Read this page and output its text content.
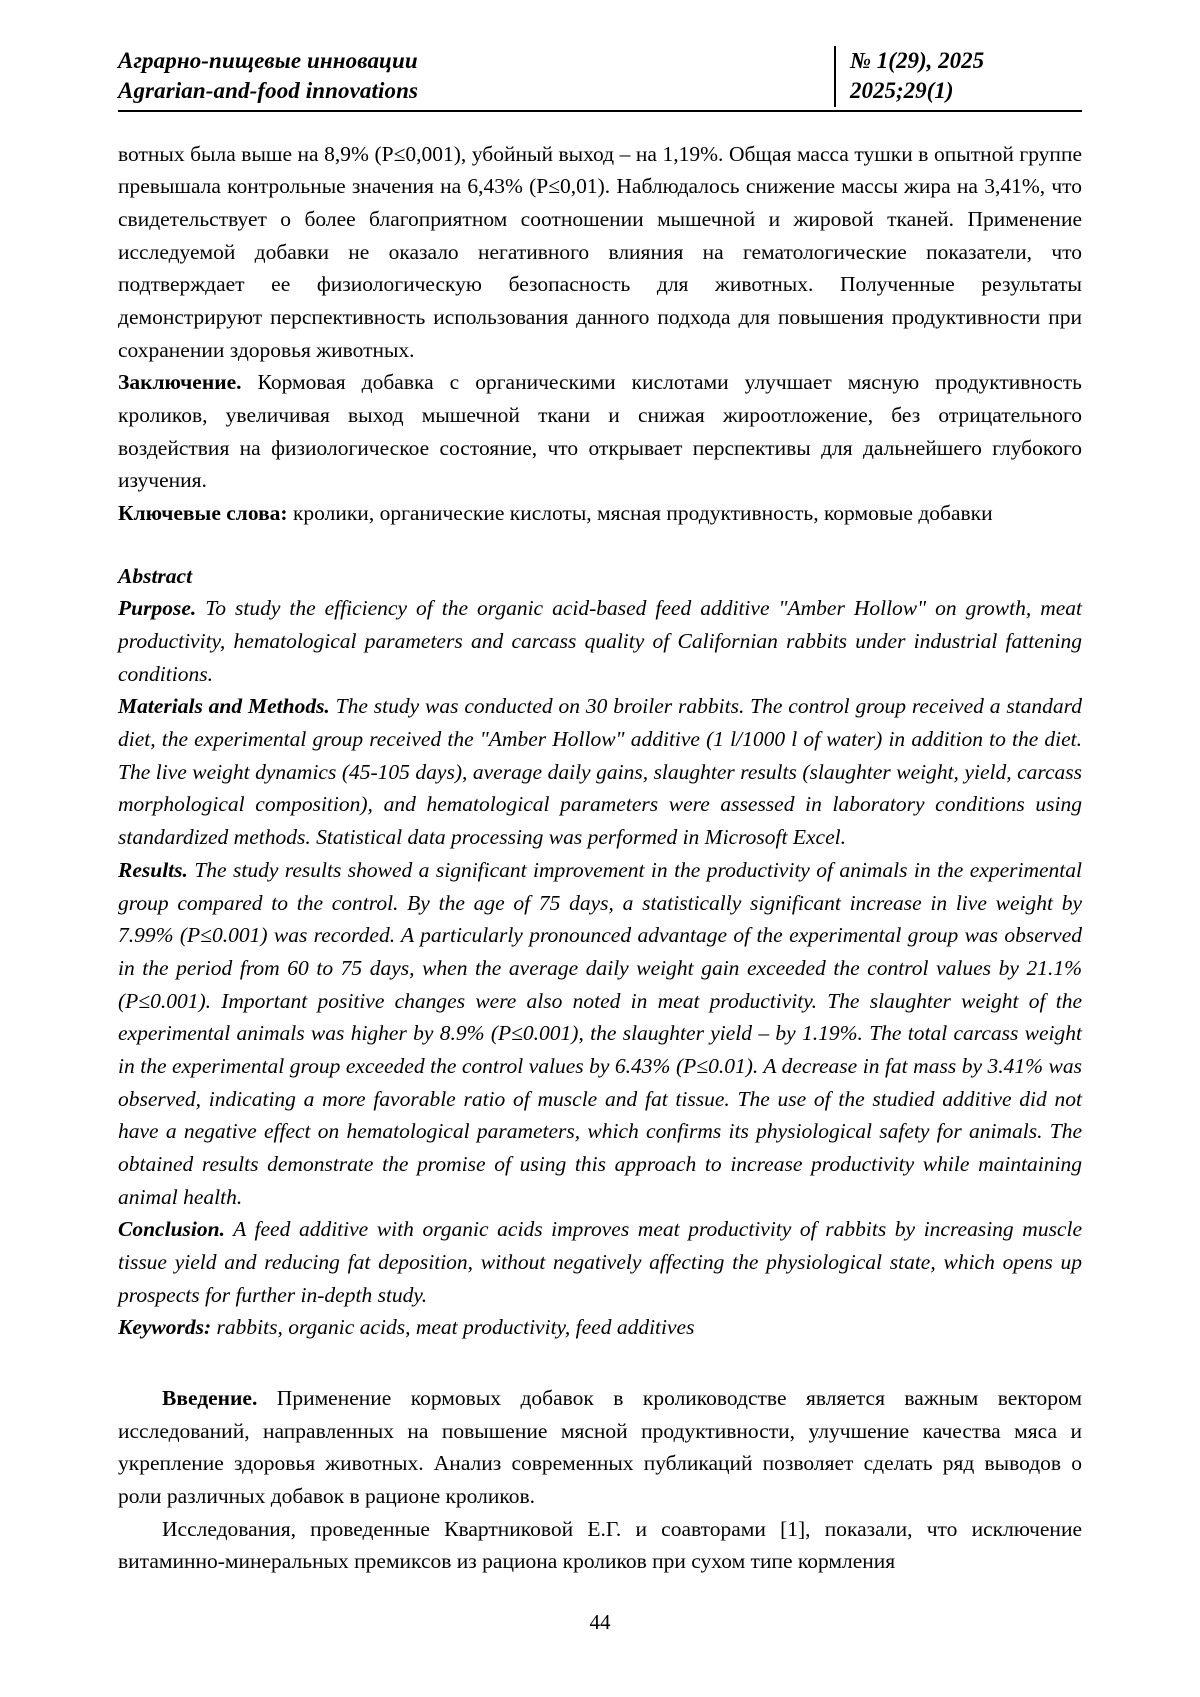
Аграрно-пищевые инновации
Agrarian-and-food innovations
№ 1(29), 2025
2025;29(1)

вотных была выше на 8,9% (P≤0,001), убойный выход – на 1,19%. Общая масса тушки в опытной группе превышала контрольные значения на 6,43% (P≤0,01). Наблюдалось снижение массы жира на 3,41%, что свидетельствует о более благоприятном соотношении мышечной и жировой тканей. Применение исследуемой добавки не оказало негативного влияния на гематологические показатели, что подтверждает ее физиологическую безопасность для животных. Полученные результаты демонстрируют перспективность использования данного подхода для повышения продуктивности при сохранении здоровья животных.

Заключение. Кормовая добавка с органическими кислотами улучшает мясную продуктивность кроликов, увеличивая выход мышечной ткани и снижая жироотложение, без отрицательного воздействия на физиологическое состояние, что открывает перспективы для дальнейшего глубокого изучения.

Ключевые слова: кролики, органические кислоты, мясная продуктивность, кормовые добавки

Abstract

Purpose. To study the efficiency of the organic acid-based feed additive "Amber Hollow" on growth, meat productivity, hematological parameters and carcass quality of Californian rabbits under industrial fattening conditions.

Materials and Methods. The study was conducted on 30 broiler rabbits. The control group received a standard diet, the experimental group received the "Amber Hollow" additive (1 l/1000 l of water) in addition to the diet. The live weight dynamics (45-105 days), average daily gains, slaughter results (slaughter weight, yield, carcass morphological composition), and hematological parameters were assessed in laboratory conditions using standardized methods. Statistical data processing was performed in Microsoft Excel.

Results. The study results showed a significant improvement in the productivity of animals in the experimental group compared to the control. By the age of 75 days, a statistically significant increase in live weight by 7.99% (P≤0.001) was recorded. A particularly pronounced advantage of the experimental group was observed in the period from 60 to 75 days, when the average daily weight gain exceeded the control values by 21.1% (P≤0.001). Important positive changes were also noted in meat productivity. The slaughter weight of the experimental animals was higher by 8.9% (P≤0.001), the slaughter yield – by 1.19%. The total carcass weight in the experimental group exceeded the control values by 6.43% (P≤0.01). A decrease in fat mass by 3.41% was observed, indicating a more favorable ratio of muscle and fat tissue. The use of the studied additive did not have a negative effect on hematological parameters, which confirms its physiological safety for animals. The obtained results demonstrate the promise of using this approach to increase productivity while maintaining animal health.

Conclusion. A feed additive with organic acids improves meat productivity of rabbits by increasing muscle tissue yield and reducing fat deposition, without negatively affecting the physiological state, which opens up prospects for further in-depth study.

Keywords: rabbits, organic acids, meat productivity, feed additives

Введение. Применение кормовых добавок в кролиководстве является важным вектором исследований, направленных на повышение мясной продуктивности, улучшение качества мяса и укрепление здоровья животных. Анализ современных публикаций позволяет сделать ряд выводов о роли различных добавок в рационе кроликов.

Исследования, проведенные Квартниковой Е.Г. и соавторами [1], показали, что исключение витаминно-минеральных премиксов из рациона кроликов при сухом типе кормления

44
